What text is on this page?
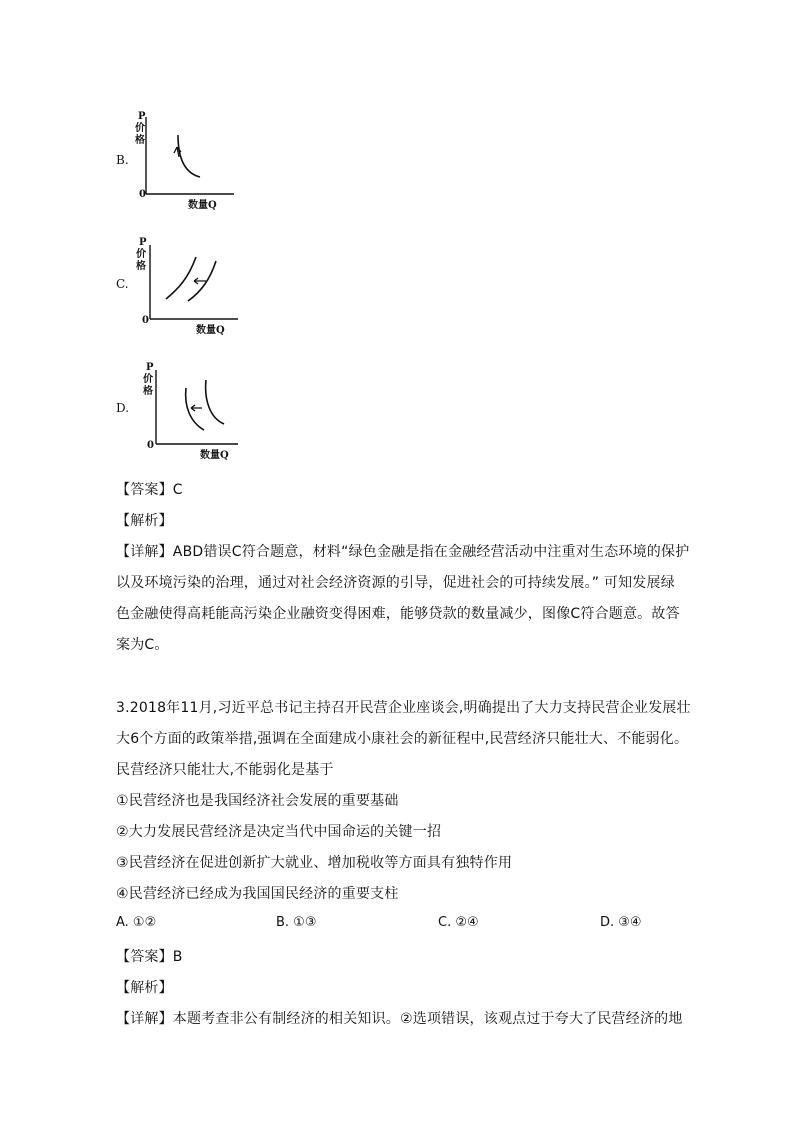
B.
P
价
格
0
数量Q
C.
P
价
格
0
数量Q
D.
P
价
格
0
数量Q
【答案】C
【解析】
【详解】ABD错误C符合题意，材料“绿色金融是指在金融经营活动中注重对生态环境的保护
以及环境污染的治理，通过对社会经济资源的引导，促进社会的可持续发展。” 可知发展绿
色金融使得高耗能高污染企业融资变得困难，能够贷款的数量减少，图像C符合题意。故答
案为C。
3.2018年11月,习近平总书记主持召开民营企业座谈会,明确提出了大力支持民营企业发展壮
大6个方面的政策举措,强调在全面建成小康社会的新征程中,民营经济只能壮大、不能弱化。
民营经济只能壮大,不能弱化是基于
①民营经济也是我国经济社会发展的重要基础
②大力发展民营经济是决定当代中国命运的关键一招
③民营经济在促进创新扩大就业、增加税收等方面具有独特作用
④民营经济已经成为我国国民经济的重要支柱
A. ①②	B. ①③	C. ②④	D. ③④
【答案】B
【解析】
【详解】本题考查非公有制经济的相关知识。②选项错误，该观点过于夸大了民营经济的地
